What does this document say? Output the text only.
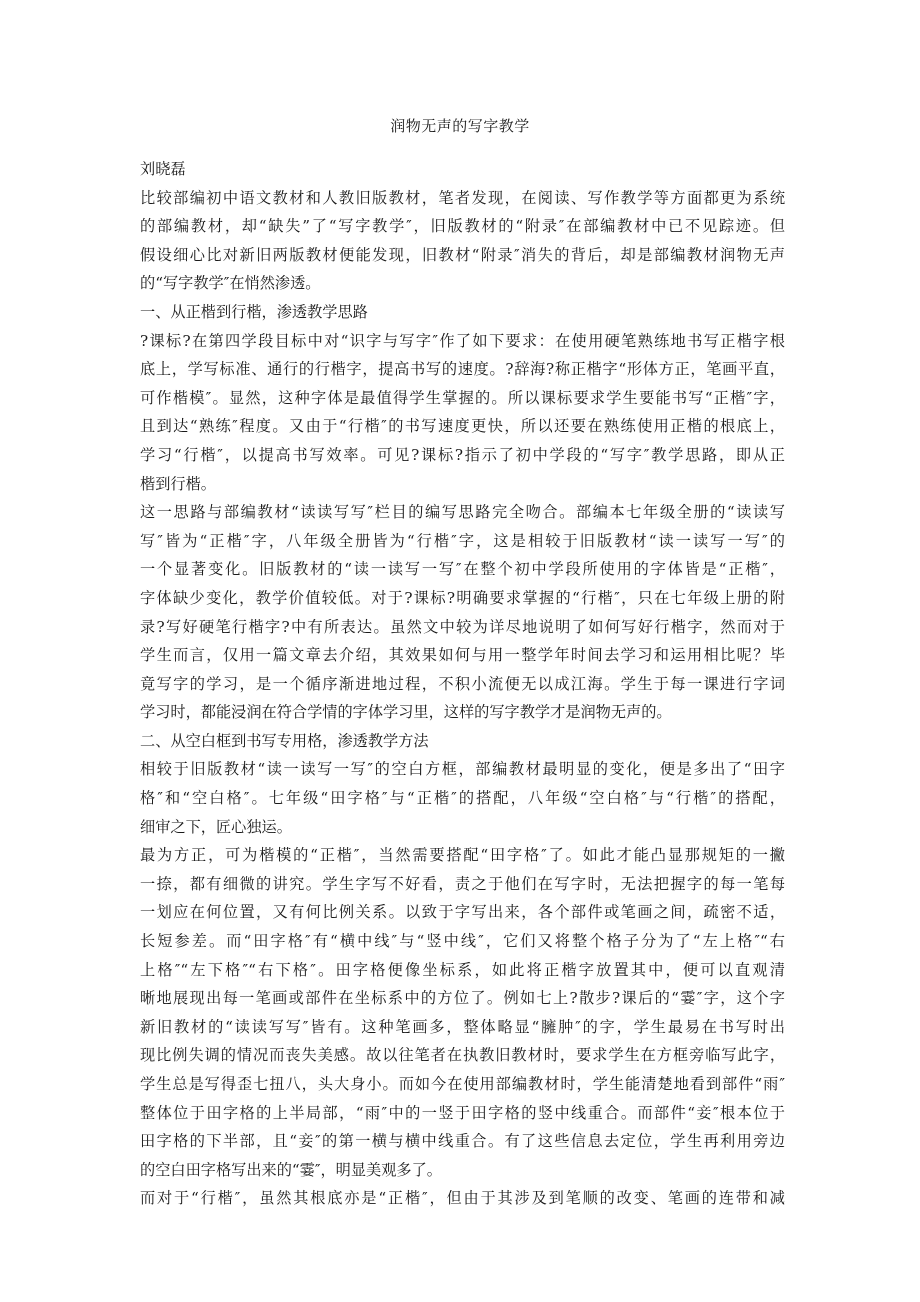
润物无声的写字教学
刘晓磊
比较部编初中语文教材和人教旧版教材，笔者发现，在阅读、写作教学等方面都更为系统
的部编教材，却“缺失”了“写字教学″，旧版教材的“附录″在部编教材中已不见踪迹。但
假设细心比对新旧两版教材便能发现，旧教材“附录″消失的背后，却是部编教材润物无声
的“写字教学″在悄然渗透。
一、从正楷到行楷，渗透教学思路
?课标?在第四学段目标中对“识字与写字″作了如下要求：在使用硬笔熟练地书写正楷字根
底上，学写标准、通行的行楷字，提高书写的速度。?辞海?称正楷字“形体方正，笔画平直，
可作楷模″。显然，这种字体是最值得学生掌握的。所以课标要求学生要能书写“正楷″字，
且到达“熟练″程度。又由于“行楷″的书写速度更快，所以还要在熟练使用正楷的根底上，
学习“行楷″，以提高书写效率。可见?课标?指示了初中学段的“写字″教学思路，即从正
楷到行楷。
这一思路与部编教材“读读写写″栏目的编写思路完全吻合。部编本七年级全册的“读读写
写″皆为“正楷″字，八年级全册皆为“行楷″字，这是相较于旧版教材“读一读写一写″的
一个显著变化。旧版教材的“读一读写一写″在整个初中学段所使用的字体皆是“正楷″，
字体缺少变化，教学价值较低。对于?课标?明确要求掌握的“行楷″，只在七年级上册的附
录?写好硬笔行楷字?中有所表达。虽然文中较为详尽地说明了如何写好行楷字，然而对于
学生而言，仅用一篇文章去介绍，其效果如何与用一整学年时间去学习和运用相比呢？毕
竟写字的学习，是一个循序渐进地过程，不积小流便无以成江海。学生于每一课进行字词
学习时，都能浸润在符合学情的字体学习里，这样的写字教学才是润物无声的。
二、从空白框到书写专用格，渗透教学方法
相较于旧版教材“读一读写一写″的空白方框，部编教材最明显的变化，便是多出了“田字
格″和“空白格″。七年级“田字格″与“正楷″的搭配，八年级“空白格″与“行楷″的搭配，
细审之下，匠心独运。
最为方正，可为楷模的“正楷″，当然需要搭配“田字格″了。如此才能凸显那规矩的一撇
一捺，都有细微的讲究。学生字写不好看，责之于他们在写字时，无法把握字的每一笔每
一划应在何位置，又有何比例关系。以致于字写出来，各个部件或笔画之间，疏密不适，
长短参差。而“田字格″有“横中线″与“竖中线″，它们又将整个格子分为了“左上格″“右
上格″“左下格″“右下格″。田字格便像坐标系，如此将正楷字放置其中，便可以直观清
晰地展现出每一笔画或部件在坐标系中的方位了。例如七上?散步?课后的“霎″字，这个字
新旧教材的“读读写写″皆有。这种笔画多，整体略显“臃肿″的字，学生最易在书写时出
现比例失调的情况而丧失美感。故以往笔者在执教旧教材时，要求学生在方框旁临写此字，
学生总是写得歪七扭八，头大身小。而如今在使用部编教材时，学生能清楚地看到部件“雨″
整体位于田字格的上半局部，“雨″中的一竖于田字格的竖中线重合。而部件“妾″根本位于
田字格的下半部，且“妾″的第一横与横中线重合。有了这些信息去定位，学生再利用旁边
的空白田字格写出来的“霎″，明显美观多了。
而对于“行楷″，虽然其根底亦是“正楷″，但由于其涉及到笔顺的改变、笔画的连带和减
